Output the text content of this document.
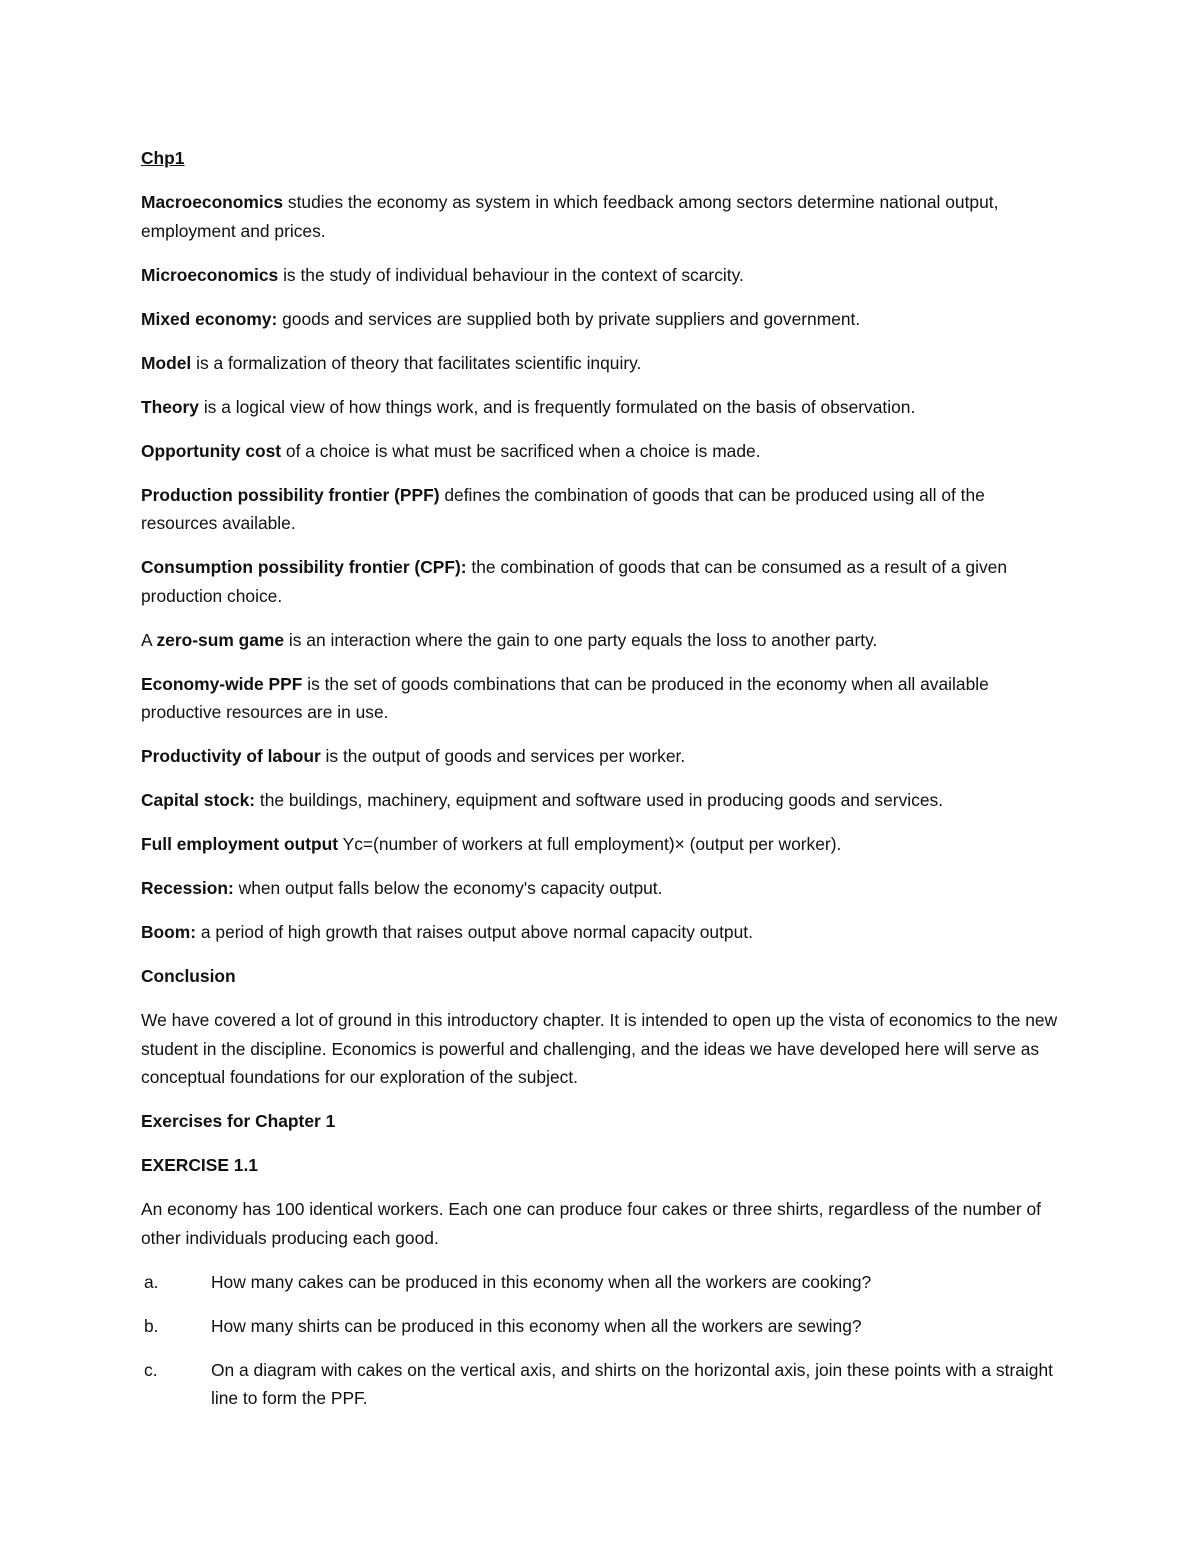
Chp1

Macroeconomics studies the economy as system in which feedback among sectors determine national output, employment and prices.

Microeconomics is the study of individual behaviour in the context of scarcity.

Mixed economy: goods and services are supplied both by private suppliers and government.

Model is a formalization of theory that facilitates scientific inquiry.

Theory is a logical view of how things work, and is frequently formulated on the basis of observation.

Opportunity cost of a choice is what must be sacrificed when a choice is made.

Production possibility frontier (PPF) defines the combination of goods that can be produced using all of the resources available.

Consumption possibility frontier (CPF): the combination of goods that can be consumed as a result of a given production choice.

A zero-sum game is an interaction where the gain to one party equals the loss to another party.

Economy-wide PPF is the set of goods combinations that can be produced in the economy when all available productive resources are in use.

Productivity of labour is the output of goods and services per worker.

Capital stock: the buildings, machinery, equipment and software used in producing goods and services.

Full employment output Yc=(number of workers at full employment)× (output per worker).

Recession: when output falls below the economy's capacity output.

Boom: a period of high growth that raises output above normal capacity output.

Conclusion

We have covered a lot of ground in this introductory chapter. It is intended to open up the vista of economics to the new student in the discipline. Economics is powerful and challenging, and the ideas we have developed here will serve as conceptual foundations for our exploration of the subject.

Exercises for Chapter 1

EXERCISE 1.1

An economy has 100 identical workers. Each one can produce four cakes or three shirts, regardless of the number of other individuals producing each good.

a.	How many cakes can be produced in this economy when all the workers are cooking?
b.	How many shirts can be produced in this economy when all the workers are sewing?
c.	On a diagram with cakes on the vertical axis, and shirts on the horizontal axis, join these points with a straight line to form the PPF.
